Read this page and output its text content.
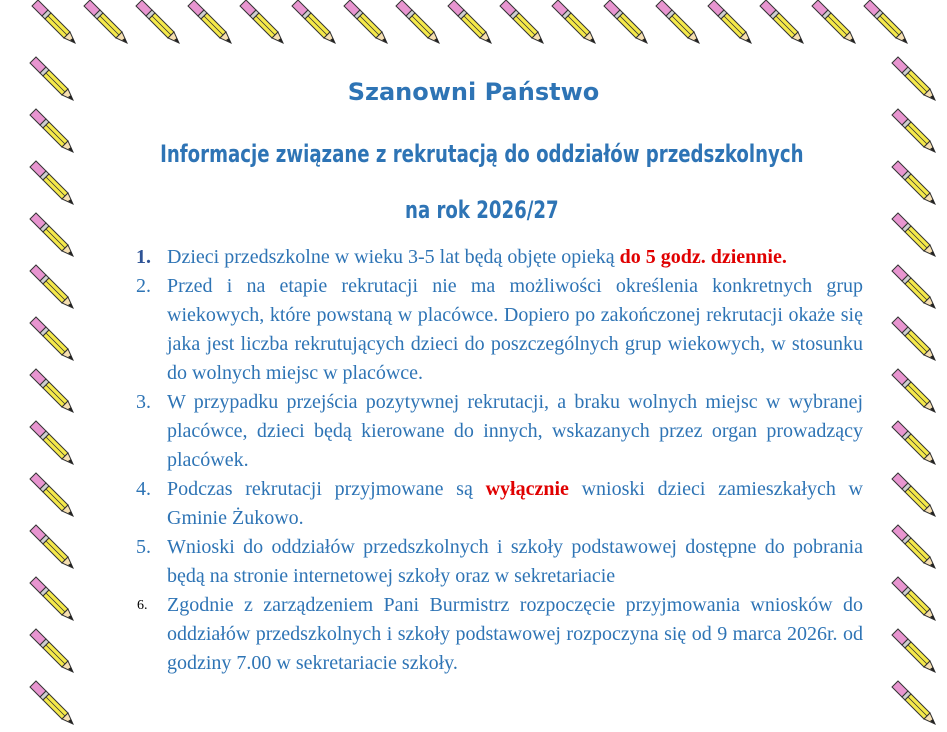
Szanowni Państwo
Informacje związane z rekrutacją do oddziałów przedszkolnych
na rok 2026/27
1. Dzieci przedszkolne w wieku 3-5 lat będą objęte opieką do 5 godz. dziennie.
2. Przed i na etapie rekrutacji nie ma możliwości określenia konkretnych grup wiekowych, które powstaną w placówce. Dopiero po zakończonej rekrutacji okaże się jaka jest liczba rekrutujących dzieci do poszczególnych grup wiekowych, w stosunku do wolnych miejsc w placówce.
3. W przypadku przejścia pozytywnej rekrutacji, a braku wolnych miejsc w wybranej placówce, dzieci będą kierowane do innych, wskazanych przez organ prowadzący placówek.
4. Podczas rekrutacji przyjmowane są wyłącznie wnioski dzieci zamieszkałych w Gminie Żukowo.
5. Wnioski do oddziałów przedszkolnych i szkoły podstawowej dostępne do pobrania będą na stronie internetowej szkoły oraz w sekretariacie
6. Zgodnie z zarządzeniem Pani Burmistrz rozpoczęcie przyjmowania wniosków do oddziałów przedszkolnych i szkoły podstawowej rozpoczyna się od 9 marca 2026r. od godziny 7.00 w sekretariacie szkoły.
